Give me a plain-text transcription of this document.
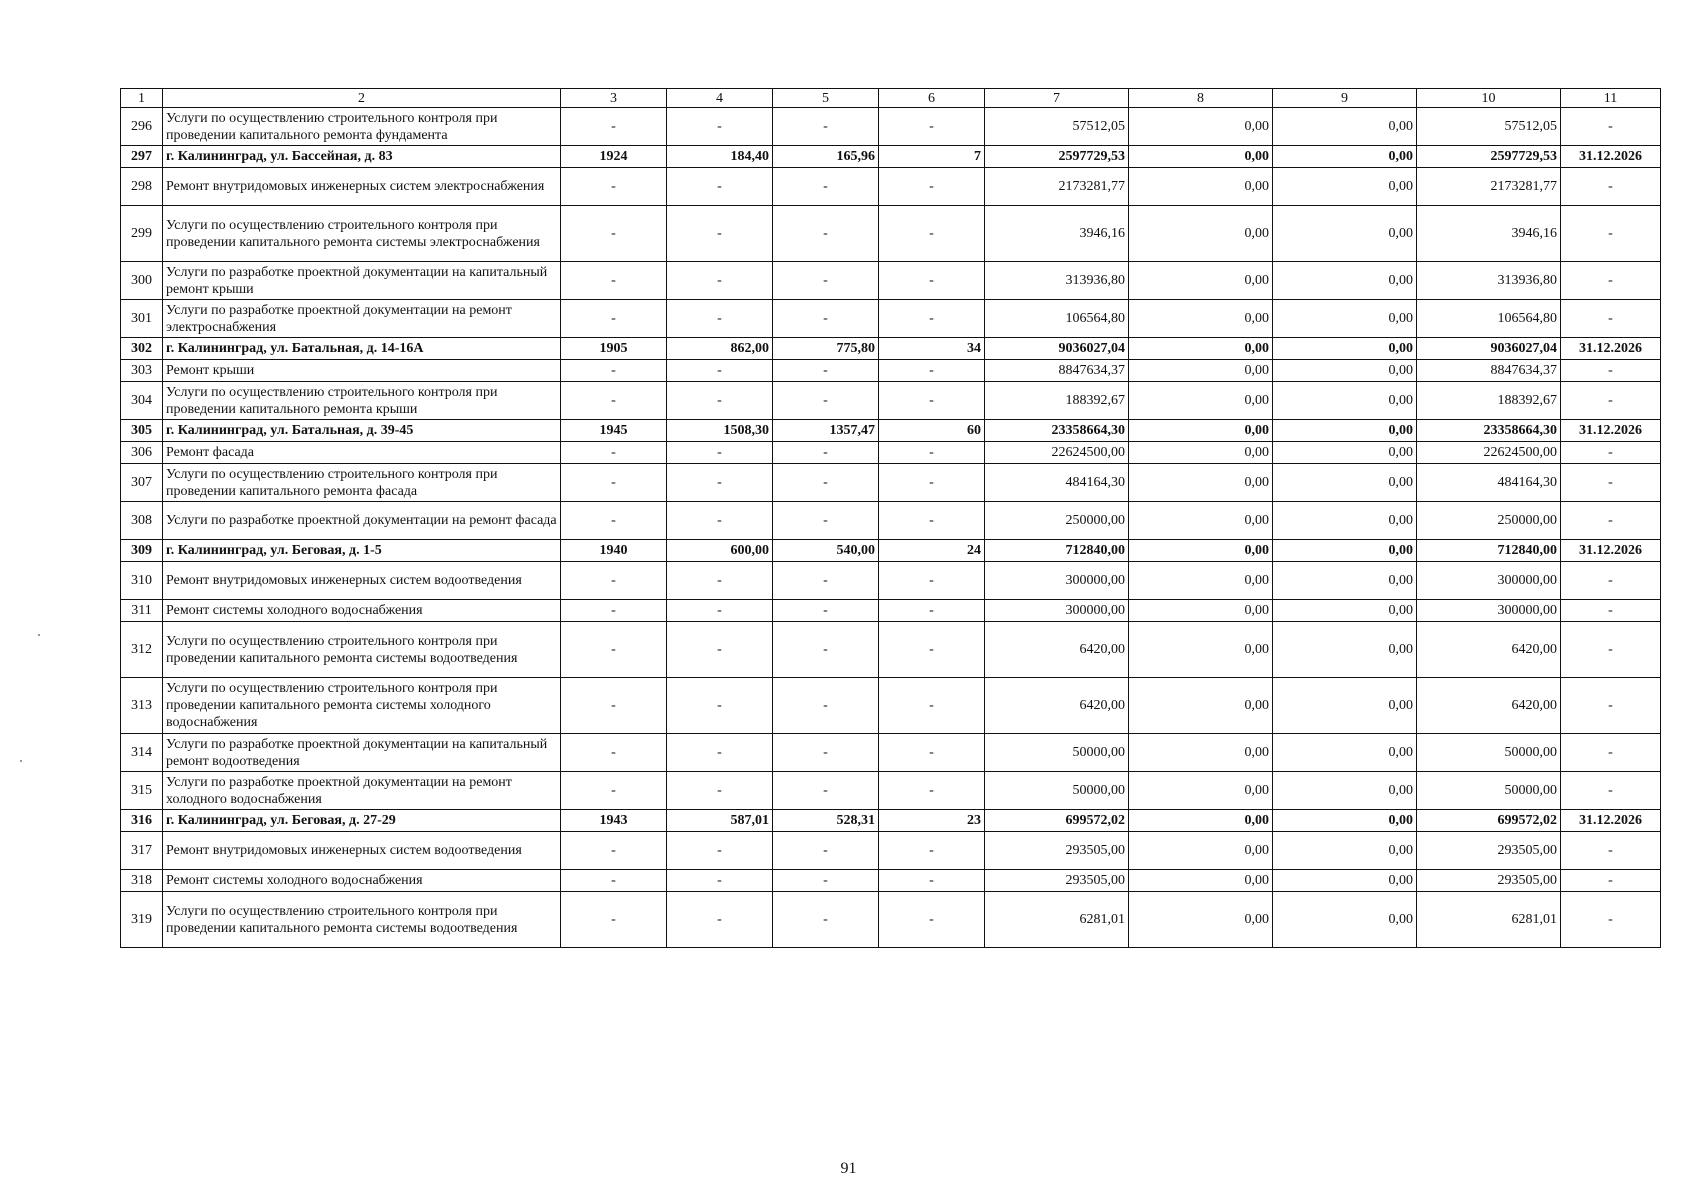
1	2	3	4	5	6	7	8	9	10	11
296	Услуги по осуществлению строительного контроля при проведении капитального ремонта фундамента	-	-	-	-	57512,05	0,00	0,00	57512,05	-
297	г. Калининград, ул. Бассейная, д. 83	1924	184,40	165,96	7	2597729,53	0,00	0,00	2597729,53	31.12.2026
298	Ремонт внутридомовых инженерных систем электроснабжения	-	-	-	-	2173281,77	0,00	0,00	2173281,77	-
299	Услуги по осуществлению строительного контроля при проведении капитального ремонта системы электроснабжения	-	-	-	-	3946,16	0,00	0,00	3946,16	-
300	Услуги по разработке проектной документации на капитальный ремонт крыши	-	-	-	-	313936,80	0,00	0,00	313936,80	-
301	Услуги по разработке проектной документации на ремонт электроснабжения	-	-	-	-	106564,80	0,00	0,00	106564,80	-
302	г. Калининград, ул. Батальная, д. 14-16А	1905	862,00	775,80	34	9036027,04	0,00	0,00	9036027,04	31.12.2026
303	Ремонт крыши	-	-	-	-	8847634,37	0,00	0,00	8847634,37	-
304	Услуги по осуществлению строительного контроля при проведении капитального ремонта крыши	-	-	-	-	188392,67	0,00	0,00	188392,67	-
305	г. Калининград, ул. Батальная, д. 39-45	1945	1508,30	1357,47	60	23358664,30	0,00	0,00	23358664,30	31.12.2026
306	Ремонт фасада	-	-	-	-	22624500,00	0,00	0,00	22624500,00	-
307	Услуги по осуществлению строительного контроля при проведении капитального ремонта фасада	-	-	-	-	484164,30	0,00	0,00	484164,30	-
308	Услуги по разработке проектной документации на ремонт фасада	-	-	-	-	250000,00	0,00	0,00	250000,00	-
309	г. Калининград, ул. Беговая, д. 1-5	1940	600,00	540,00	24	712840,00	0,00	0,00	712840,00	31.12.2026
310	Ремонт внутридомовых инженерных систем водоотведения	-	-	-	-	300000,00	0,00	0,00	300000,00	-
311	Ремонт системы холодного водоснабжения	-	-	-	-	300000,00	0,00	0,00	300000,00	-
312	Услуги по осуществлению строительного контроля при проведении капитального ремонта системы водоотведения	-	-	-	-	6420,00	0,00	0,00	6420,00	-
313	Услуги по осуществлению строительного контроля при проведении капитального ремонта системы холодного водоснабжения	-	-	-	-	6420,00	0,00	0,00	6420,00	-
314	Услуги по разработке проектной документации на капитальный ремонт водоотведения	-	-	-	-	50000,00	0,00	0,00	50000,00	-
315	Услуги по разработке проектной документации на ремонт холодного водоснабжения	-	-	-	-	50000,00	0,00	0,00	50000,00	-
316	г. Калининград, ул. Беговая, д. 27-29	1943	587,01	528,31	23	699572,02	0,00	0,00	699572,02	31.12.2026
317	Ремонт внутридомовых инженерных систем водоотведения	-	-	-	-	293505,00	0,00	0,00	293505,00	-
318	Ремонт системы холодного водоснабжения	-	-	-	-	293505,00	0,00	0,00	293505,00	-
319	Услуги по осуществлению строительного контроля при проведении капитального ремонта системы водоотведения	-	-	-	-	6281,01	0,00	0,00	6281,01	-
91
